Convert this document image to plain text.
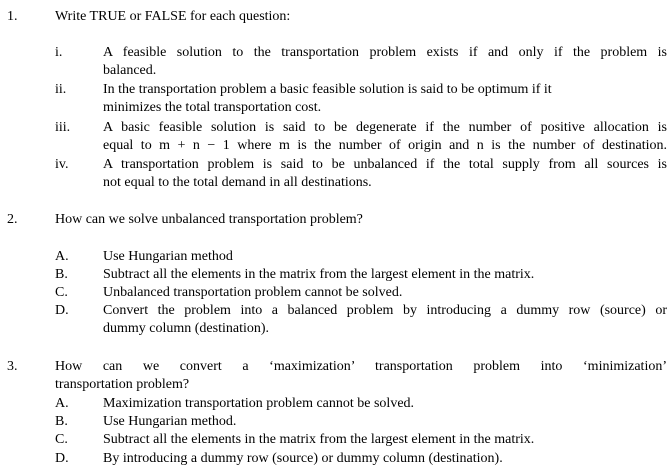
1.	Write TRUE or FALSE for each question:
i.	A feasible solution to the transportation problem exists if and only if the problem is
balanced.
ii.	In the transportation problem a basic feasible solution is said to be optimum if it
minimizes the total transportation cost.
iii. A basic feasible solution is said to be degenerate if the number of positive allocation is
equal to m + n − 1 where m is the number of origin and n is the number of destination.
iv. A transportation problem is said to be unbalanced if the total supply from all sources is
not equal to the total demand in all destinations.
2.	How can we solve unbalanced transportation problem?
A. Use Hungarian method
B.	Subtract all the elements in the matrix from the largest element in the matrix.
C.	Unbalanced transportation problem cannot be solved.
D. Convert the problem into a balanced problem by introducing a dummy row (source) or
dummy column (destination).
3.	How can we convert a ‘maximization’ transportation problem into ‘minimization’
transportation problem?
A. Maximization transportation problem cannot be solved.
B.	Use Hungarian method.
C.	Subtract all the elements in the matrix from the largest element in the matrix.
D. By introducing a dummy row (source) or dummy column (destination).
